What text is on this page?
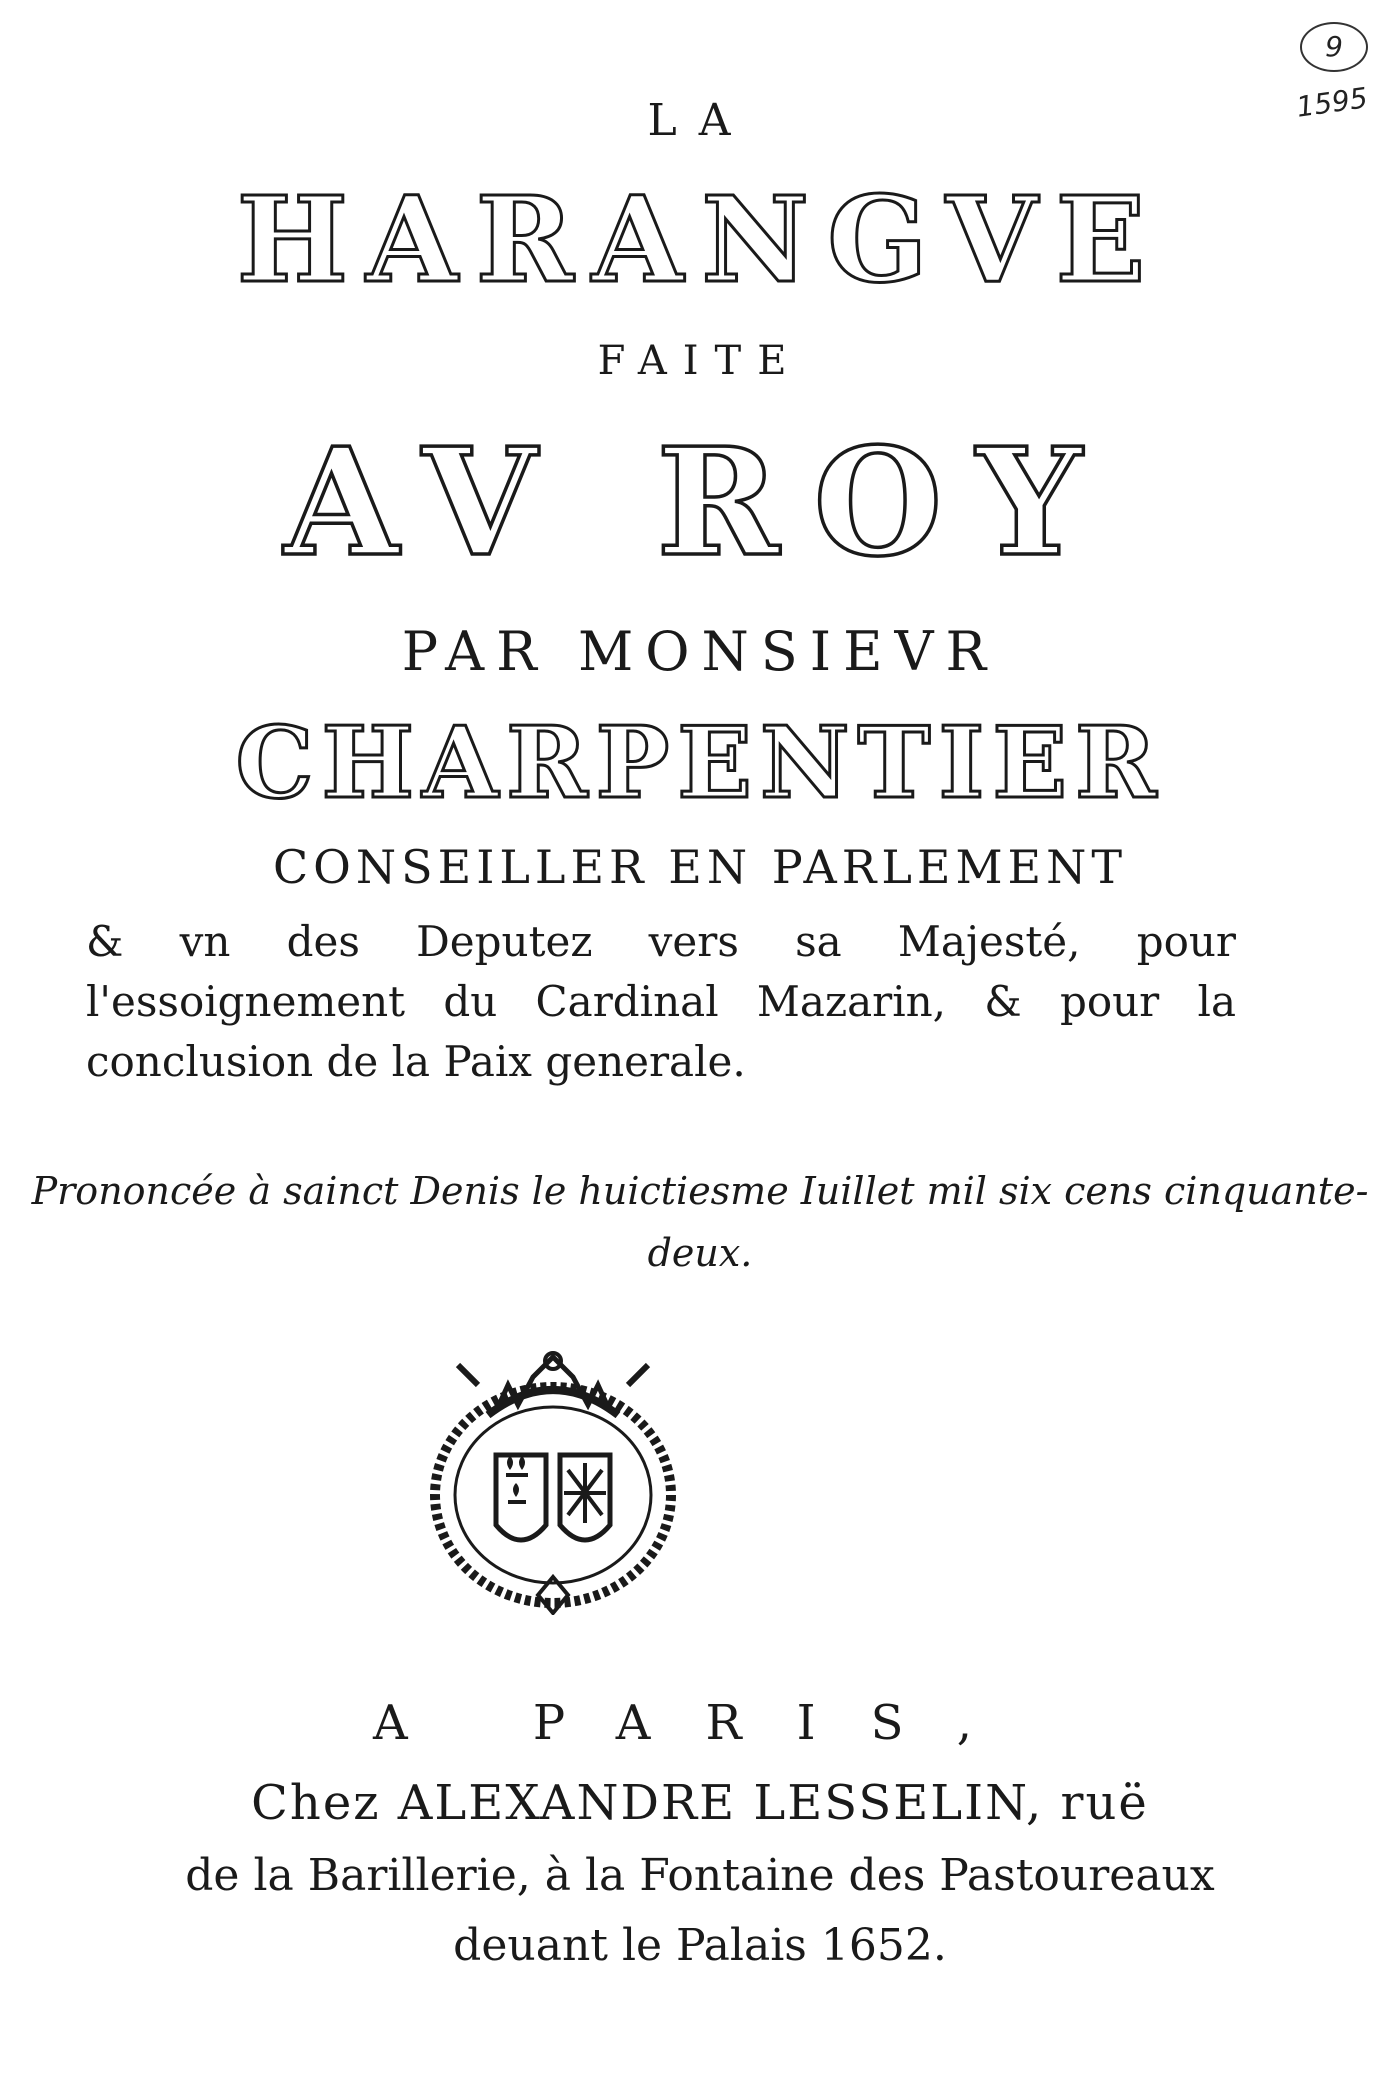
9
1595
LA
HARANGVE
FAITE
AV ROY
PAR MONSIEVR
CHARPENTIER
CONSEILLER EN PARLEMENT
& vn des Deputez vers sa Majesté, pour l'essoignement du Cardinal Mazarin, & pour la conclusion de la Paix generale.
Prononcée à sainct Denis le huictiesme Iuillet mil six cens cinquante-deux.
A PARIS,
Chez ALEXANDRE LESSELIN, ruë
de la Barillerie, à la Fontaine des Pastoureaux
deuant le Palais 1652.
